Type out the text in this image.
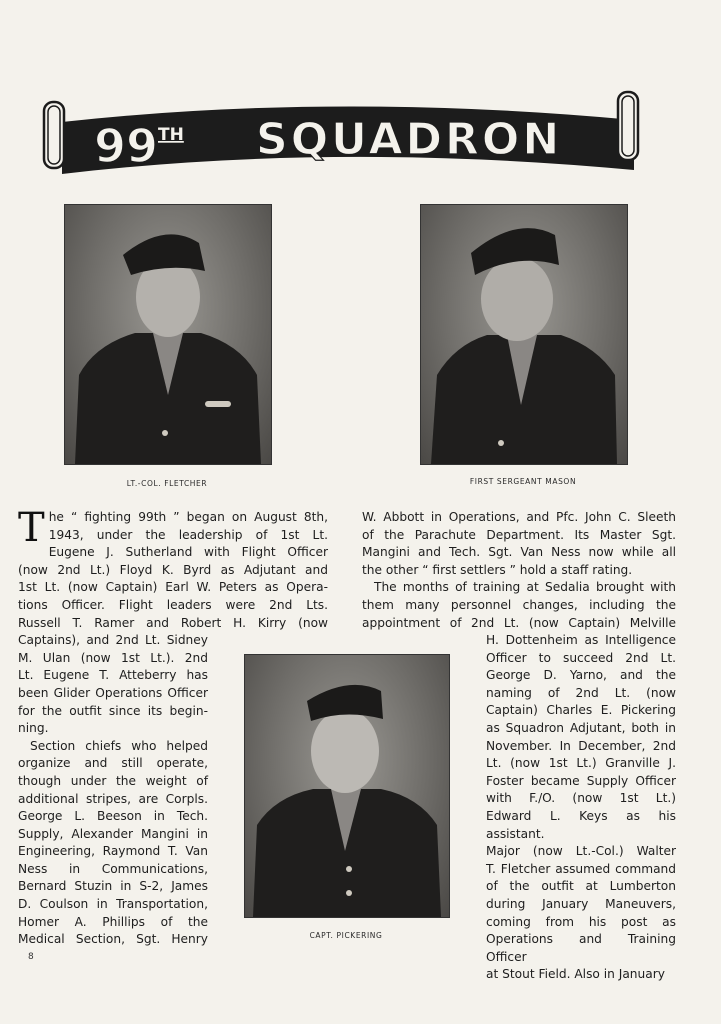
99 TH SQUADRON
LT.-COL. FLETCHER	FIRST SERGEANT MASON
CAPT. PICKERING
T he “ fighting 99th ” began on August 8th,
1943, under the leadership of 1st Lt.
Eugene J. Sutherland with Flight Officer
(now 2nd Lt.) Floyd K. Byrd as Adjutant and
1st Lt. (now Captain) Earl W. Peters as Opera-
tions Officer. Flight leaders were 2nd Lts.
Russell T. Ramer and Robert H. Kirry (now
Captains), and 2nd Lt. Sidney
M. Ulan (now 1st Lt.). 2nd
Lt. Eugene T. Atteberry has
been Glider Operations Officer
for the outfit since its begin-
ning.
Section chiefs who helped
organize and still operate,
though under the weight of
additional stripes, are Corpls.
George L. Beeson in Tech.
Supply, Alexander Mangini in
Engineering, Raymond T. Van
Ness in Communications,
Bernard Stuzin in S-2, James
D. Coulson in Transportation,
Homer A. Phillips of the
Medical Section, Sgt. Henry
W. Abbott in Operations, and Pfc. John C. Sleeth
of the Parachute Department. Its Master Sgt.
Mangini and Tech. Sgt. Van Ness now while all
the other “ first settlers ” hold a staff rating.
The months of training at Sedalia brought with
them many personnel changes, including the
appointment of 2nd Lt. (now Captain) Melville
H. Dottenheim as Intelligence
Officer to succeed 2nd Lt.
George D. Yarno, and the
naming of 2nd Lt. (now
Captain) Charles E. Pickering
as Squadron Adjutant, both in
November. In December, 2nd
Lt. (now 1st Lt.) Granville J.
Foster became Supply Officer
with F./O. (now 1st Lt.)
Edward L. Keys as his assistant.
Major (now Lt.-Col.) Walter
T. Fletcher assumed command
of the outfit at Lumberton
during January Maneuvers,
coming from his post as
Operations and Training Officer
at Stout Field. Also in January
8
